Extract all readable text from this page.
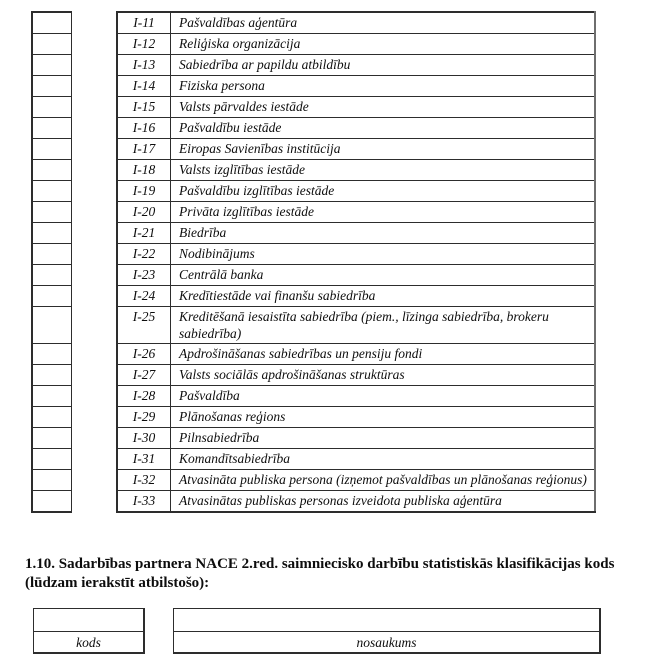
		I-11	Pašvaldības aģentūra
		I-12	Reliģiska organizācija
		I-13	Sabiedrība ar papildu atbildību
		I-14	Fiziska persona
		I-15	Valsts pārvaldes iestāde
		I-16	Pašvaldību iestāde
		I-17	Eiropas Savienības institūcija
		I-18	Valsts izglītības iestāde
		I-19	Pašvaldību izglītības iestāde
		I-20	Privāta izglītības iestāde
		I-21	Biedrība
		I-22	Nodibinājums
		I-23	Centrālā banka
		I-24	Kredītiestāde vai finanšu sabiedrība
		I-25	Kreditēšanā iesaistīta sabiedrība (piem., līzinga sabiedrība, brokeru sabiedrība)
		I-26	Apdrošināšanas sabiedrības un pensiju fondi
		I-27	Valsts sociālās apdrošināšanas struktūras
		I-28	Pašvaldība
		I-29	Plānošanas reģions
		I-30	Pilnsabiedrība
		I-31	Komandītsabiedrība
		I-32	Atvasināta publiska persona (izņemot pašvaldības un plānošanas reģionus)
		I-33	Atvasinātas publiskas personas izveidota publiska aģentūra
1.10. Sadarbības partnera NACE 2.red. saimniecisko darbību statistiskās klasifikācijas kods (lūdzam ierakstīt atbilstošo):

kods	nosaukums
